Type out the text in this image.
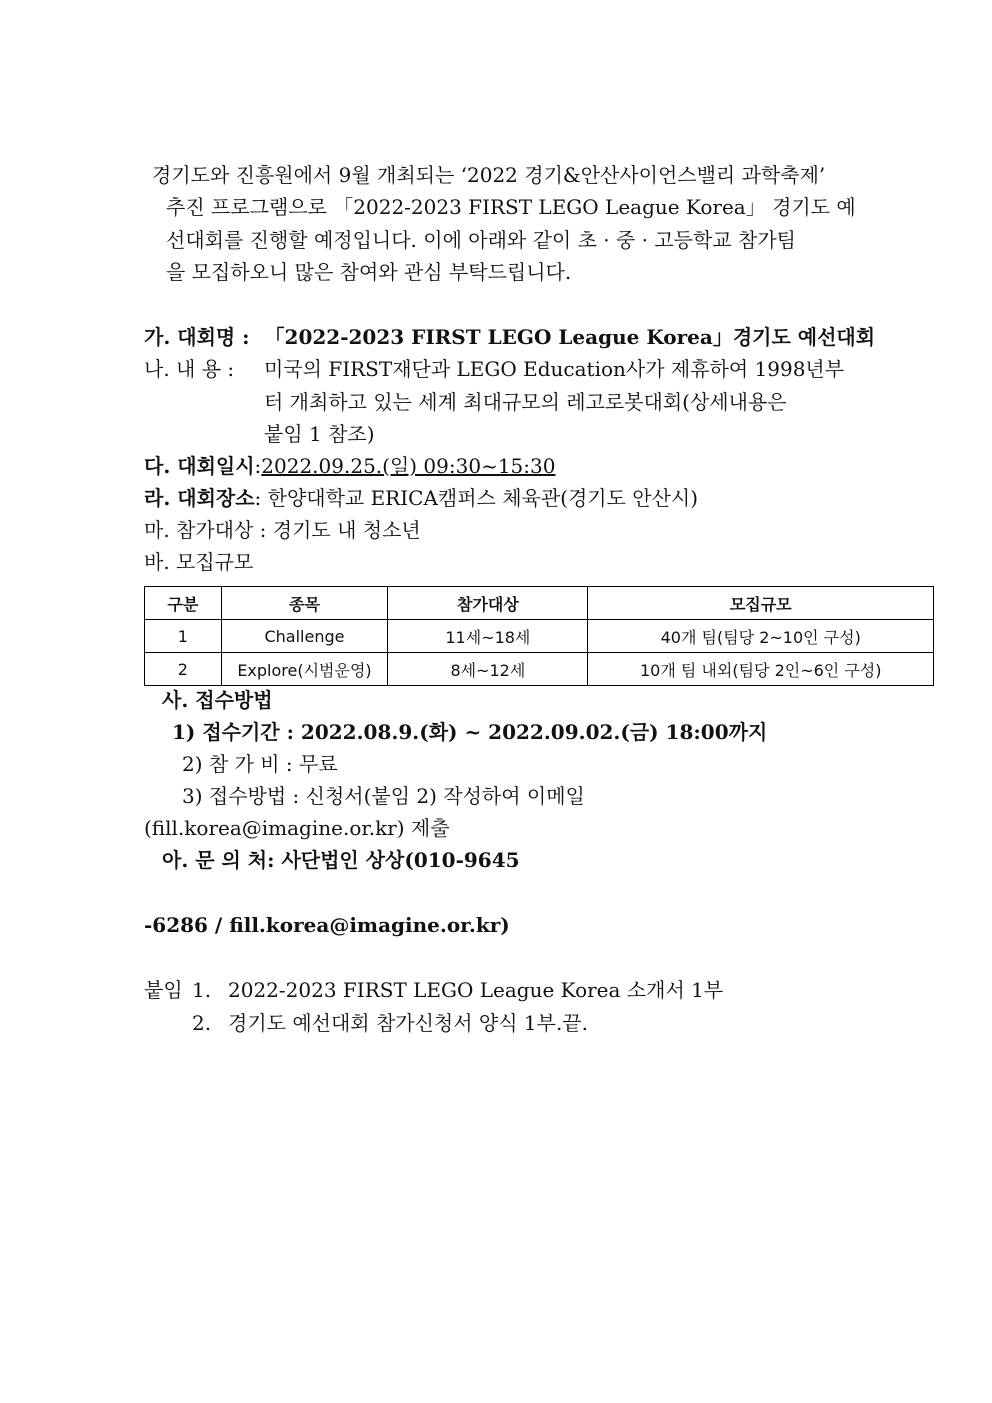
경기도와 진흥원에서 9월 개최되는 ‘2022 경기&안산사이언스밸리 과학축제’
추진 프로그램으로 「2022-2023 FIRST LEGO League Korea」 경기도 예
선대회를 진행할 예정입니다. 이에 아래와 같이 초 · 중 · 고등학교 참가팀
을 모집하오니 많은 참여와 관심 부탁드립니다.
가. 대회명 : 「2022-2023 FIRST LEGO League Korea」경기도 예선대회
나. 내 용 : 미국의 FIRST재단과 LEGO Education사가 제휴하여 1998년부
터 개최하고 있는 세계 최대규모의 레고로봇대회(상세내용은
붙임 1 참조)
다. 대회일시:2022.09.25.(일) 09:30~15:30
라. 대회장소: 한양대학교 ERICA캠퍼스 체육관(경기도 안산시)
마. 참가대상 : 경기도 내 청소년
바. 모집규모
구분	종목	참가대상	모집규모
1	Challenge	11세~18세	40개 팀(팀당 2~10인 구성)
2	Explore(시범운영)	8세~12세	10개 팀 내외(팀당 2인~6인 구성)
사. 접수방법
1) 접수기간 : 2022.08.9.(화) ~ 2022.09.02.(금) 18:00까지
2) 참 가 비 : 무료
3) 접수방법 : 신청서(붙임 2) 작성하여 이메일
(fill.korea@imagine.or.kr) 제출
아. 문 의 처: 사단법인 상상(010-9645
-6286 / fill.korea@imagine.or.kr)
붙임 1. 2022-2023 FIRST LEGO League Korea 소개서 1부
2. 경기도 예선대회 참가신청서 양식 1부.끝.
